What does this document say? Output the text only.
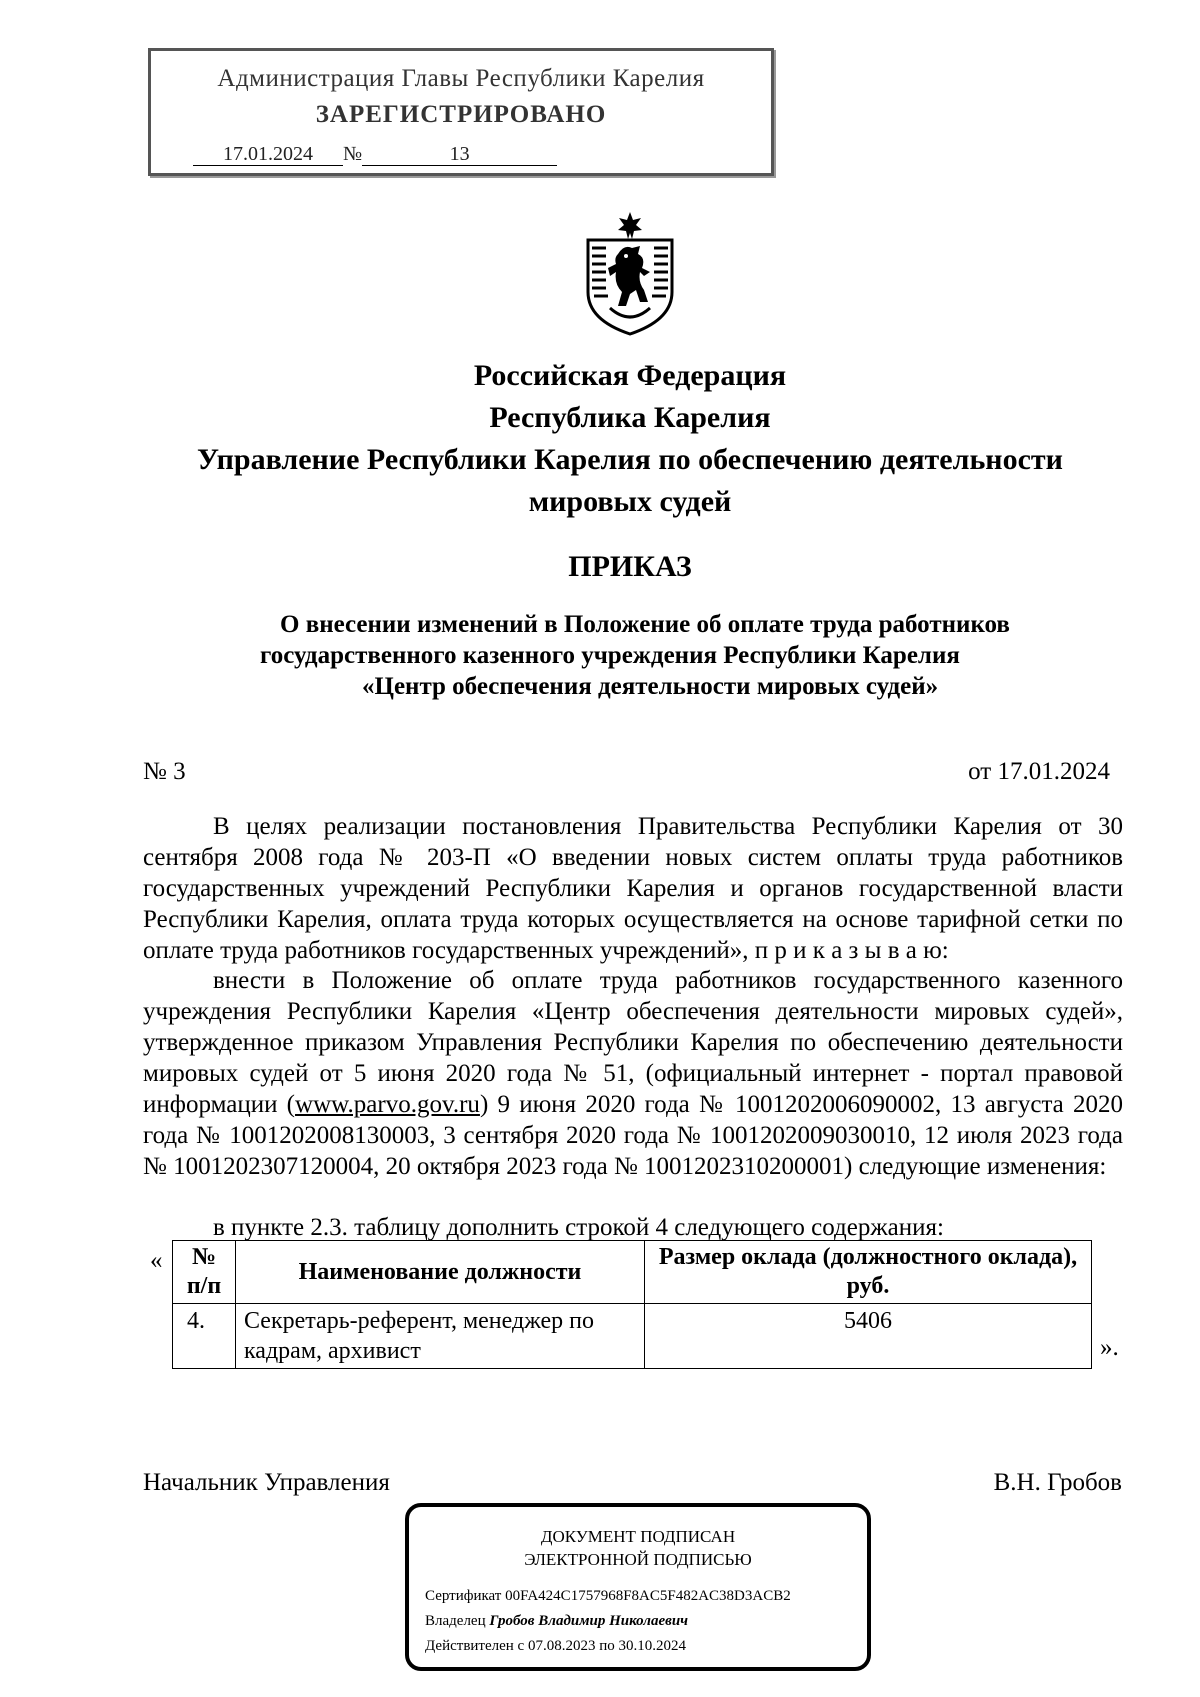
Администрация Главы Республики Карелия
ЗАРЕГИСТРИРОВАНО
17.01.2024 №	13
Российская Федерация
Республика Карелия
Управление Республики Карелия по обеспечению деятельности
мировых судей
ПРИКАЗ
О внесении изменений в Положение об оплате труда работников
государственного казенного учреждения Республики Карелия
«Центр обеспечения деятельности мировых судей»
№ 3	от 17.01.2024
В целях реализации постановления Правительства Республики Карелия от 30 сентября 2008 года № 203-П «О введении новых систем оплаты труда работников государственных учреждений Республики Карелия и органов государственной власти Республики Карелия, оплата труда которых осуществляется на основе тарифной сетки по оплате труда работников государственных учреждений», п р и к а з ы в а ю:
внести в Положение об оплате труда работников государственного казенного учреждения Республики Карелия «Центр обеспечения деятельности мировых судей», утвержденное приказом Управления Республики Карелия по обеспечению деятельности мировых судей от 5 июня 2020 года № 51, (официальный интернет - портал правовой информации (www.parvo.gov.ru) 9 июня 2020 года № 1001202006090002, 13 августа 2020 года № 1001202008130003, 3 сентября 2020 года № 1001202009030010, 12 июля 2023 года № 1001202307120004, 20 октября 2023 года № 1001202310200001) следующие изменения:
в пункте 2.3. таблицу дополнить строкой 4 следующего содержания:
« № п/п	Наименование должности	Размер оклада (должностного оклада), руб.
4.	Секретарь-референт, менеджер по кадрам, архивист	5406
».
Начальник Управления	В.Н. Гробов
ДОКУМЕНТ ПОДПИСАН
ЭЛЕКТРОННОЙ ПОДПИСЬЮ
Сертификат 00FA424C1757968F8AC5F482AC38D3ACB2
Владелец Гробов Владимир Николаевич
Действителен с 07.08.2023 по 30.10.2024
